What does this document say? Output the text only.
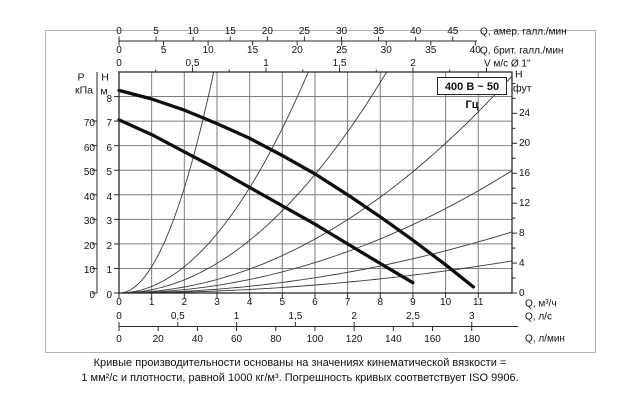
0	5	10	15	20	25	30	35	40	45
0	5	10	15	20	25	30	35	40
0	0,5	1	1,5	2
0	1	2	3	4	5	6	7	8	9 10 11
0	0,5	1	1,5	2	2,5	3
0	20	40	60	80	100 120 140 160 180
0
10
20
30
40
50
60
70
0
1
2
3
4
5
6
7
8
0
4
8
12
16
20
24
Q, амер. галл./мин
Q, брит. галл./мин
V м/с Ø 1"
Q, м³/ч
Q, л/с
Q, л/мин
P
кПа
Н
м
Н
фут
400 В ~ 50 Гц
Кривые производительности основаны на значениях кинематической вязкости =
1 мм²/с и плотности, равной 1000 кг/м³. Погрешность кривых соответствует ISO 9906.
